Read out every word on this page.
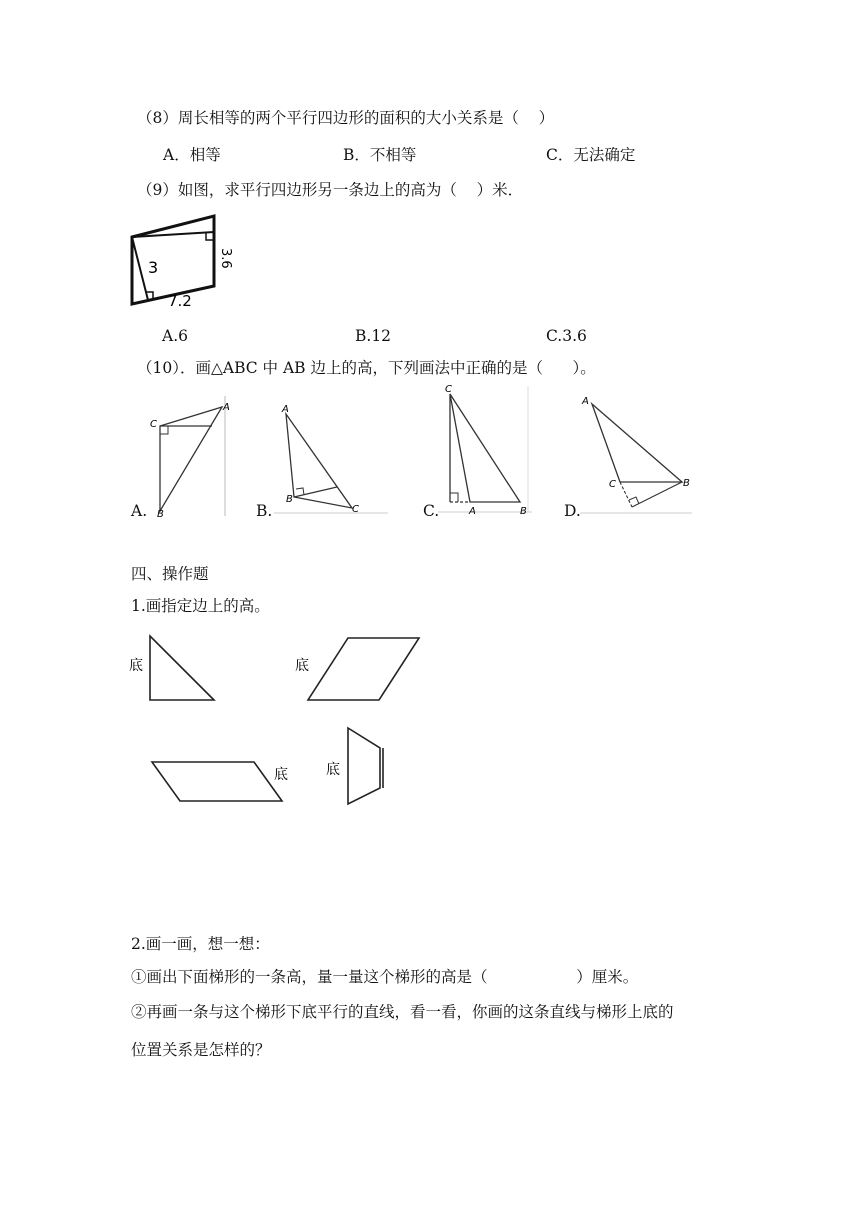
（8）周长相等的两个平行四边形的面积的大小关系是（    ）
A．相等	B．不相等	C．无法确定
（9）如图，求平行四边形另一条边上的高为（    ）米．
3	3.6
7.2
A.6	B.12	C.3.6
（10）．画△ABC 中 AB 边上的高，下列画法中正确的是（      ）。
A.
C
A
B	B.
A
B
C	C.
C
A	B D.
A
C	B
四、操作题
1.画指定边上的高。
底	底
底	底
2.画一画，想一想：
①画出下面梯形的一条高，量一量这个梯形的高是（                  ）厘米。
②再画一条与这个梯形下底平行的直线，看一看，你画的这条直线与梯形上底的
位置关系是怎样的？
